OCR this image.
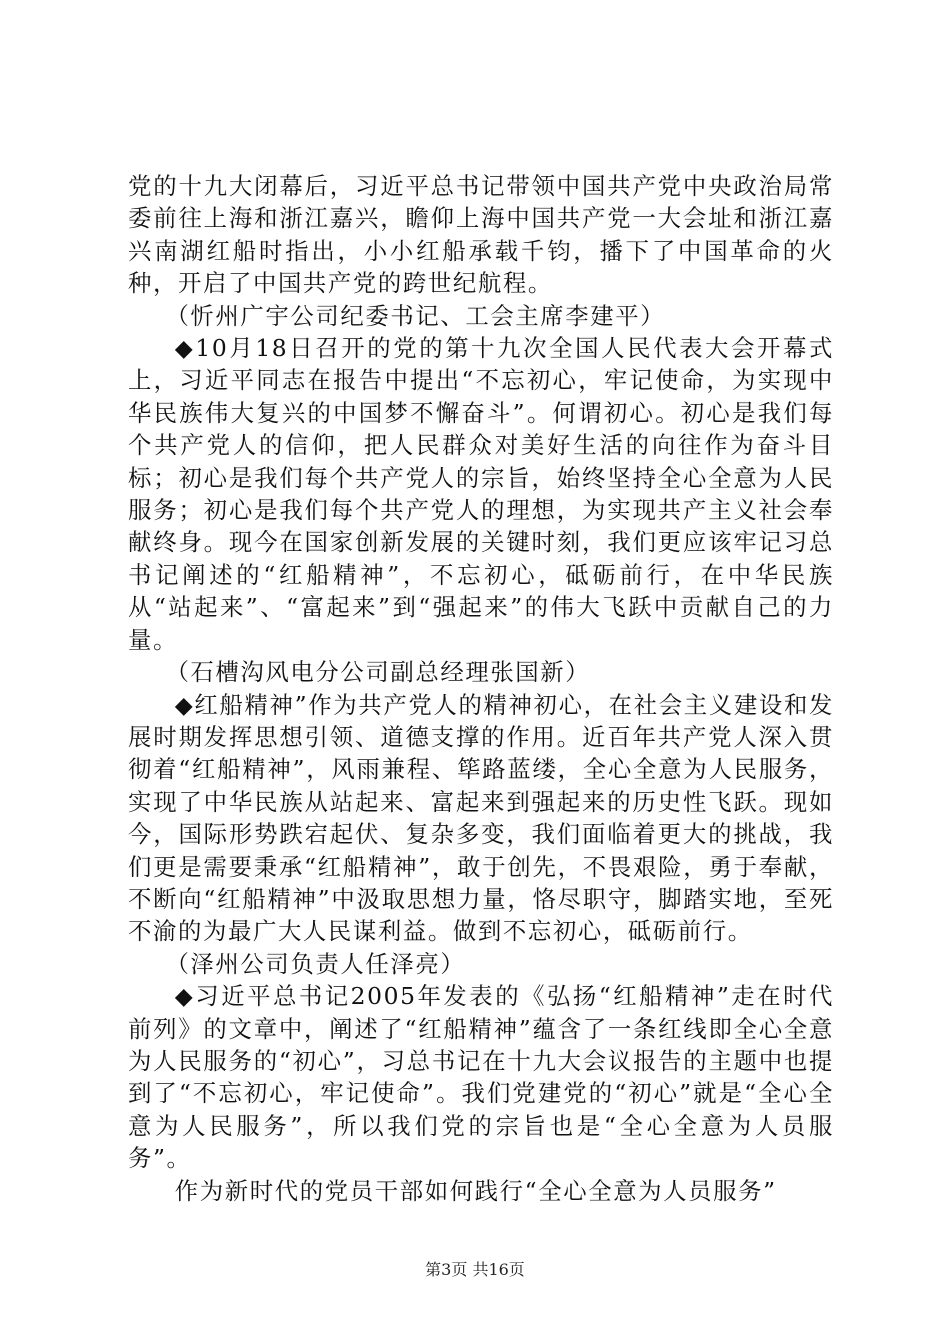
党的十九大闭幕后，习近平总书记带领中国共产党中央政治局常委前往上海和浙江嘉兴，瞻仰上海中国共产党一大会址和浙江嘉兴南湖红船时指出，小小红船承载千钧，播下了中国革命的火种，开启了中国共产党的跨世纪航程。

（忻州广宇公司纪委书记、工会主席李建平）

◆10月18日召开的党的第十九次全国人民代表大会开幕式上，习近平同志在报告中提出“不忘初心，牢记使命，为实现中华民族伟大复兴的中国梦不懈奋斗”。何谓初心。初心是我们每个共产党人的信仰，把人民群众对美好生活的向往作为奋斗目标；初心是我们每个共产党人的宗旨，始终坚持全心全意为人民服务；初心是我们每个共产党人的理想，为实现共产主义社会奉献终身。现今在国家创新发展的关键时刻，我们更应该牢记习总书记阐述的“红船精神”，不忘初心，砥砺前行，在中华民族从“站起来”、“富起来”到“强起来”的伟大飞跃中贡献自己的力量。

（石槽沟风电分公司副总经理张国新）

◆红船精神”作为共产党人的精神初心，在社会主义建设和发展时期发挥思想引领、道德支撑的作用。近百年共产党人深入贯彻着“红船精神”，风雨兼程、筚路蓝缕，全心全意为人民服务，实现了中华民族从站起来、富起来到强起来的历史性飞跃。现如今，国际形势跌宕起伏、复杂多变，我们面临着更大的挑战，我们更是需要秉承“红船精神”，敢于创先，不畏艰险，勇于奉献，不断向“红船精神”中汲取思想力量，恪尽职守，脚踏实地，至死不渝的为最广大人民谋利益。做到不忘初心，砥砺前行。

（泽州公司负责人任泽亮）

◆习近平总书记2005年发表的《弘扬“红船精神”走在时代前列》的文章中，阐述了“红船精神”蕴含了一条红线即全心全意为人民服务的“初心”，习总书记在十九大会议报告的主题中也提到了“不忘初心，牢记使命”。我们党建党的“初心”就是“全心全意为人民服务”，所以我们党的宗旨也是“全心全意为人员服务”。

作为新时代的党员干部如何践行“全心全意为人员服务”

第3页 共16页
